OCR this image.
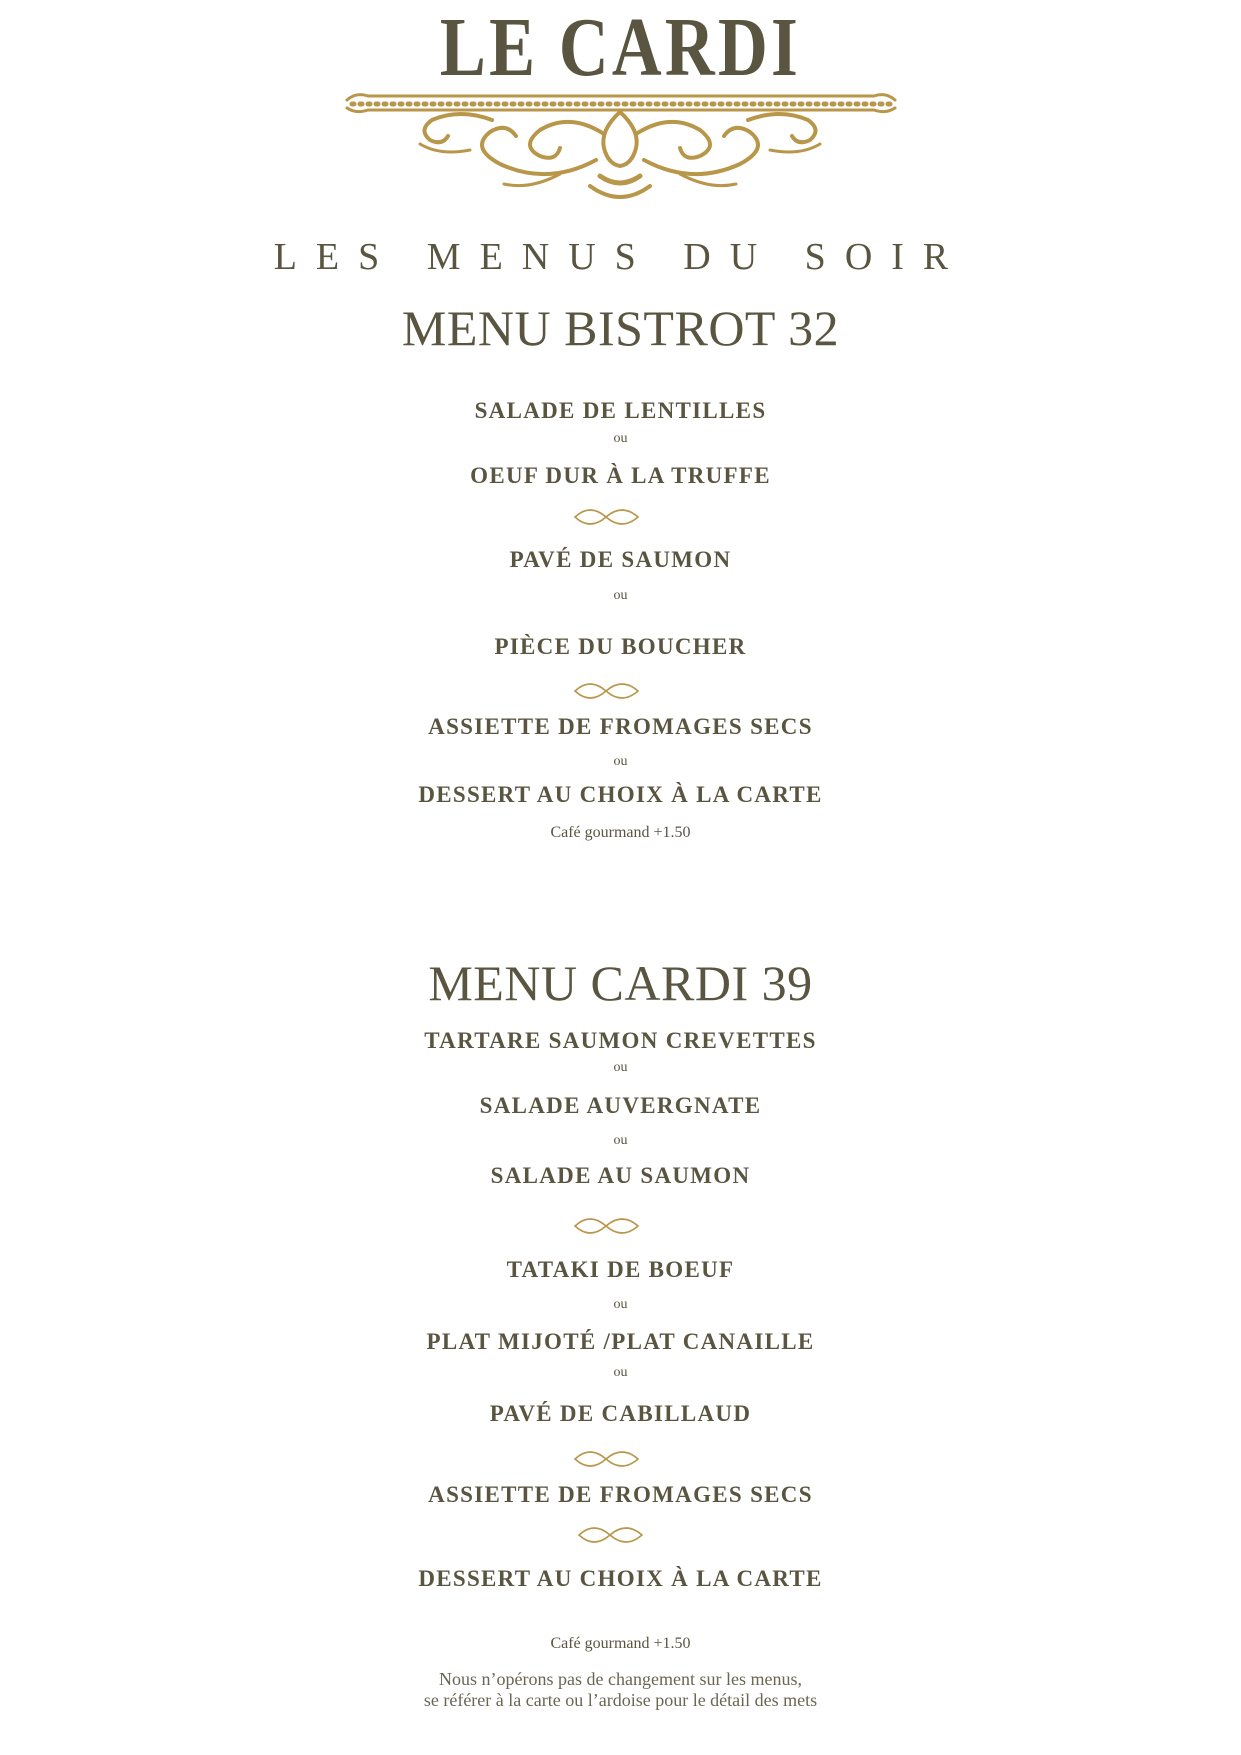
LE CARDI
LES MENUS DU SOIR
MENU BISTROT 32
SALADE DE LENTILLES
ou
OEUF DUR À LA TRUFFE
PAVÉ DE SAUMON
ou
PIÈCE DU BOUCHER
ASSIETTE DE FROMAGES SECS
ou
DESSERT AU CHOIX À LA CARTE
Café gourmand +1.50
MENU CARDI 39
TARTARE SAUMON CREVETTES
ou
SALADE AUVERGNATE
ou
SALADE AU SAUMON
TATAKI DE BOEUF
ou
PLAT MIJOTÉ /PLAT CANAILLE
ou
PAVÉ DE CABILLAUD
ASSIETTE DE FROMAGES SECS
DESSERT AU CHOIX À LA CARTE
Café gourmand +1.50
Nous n’opérons pas de changement sur les menus,
se référer à la carte ou l’ardoise pour le détail des mets
